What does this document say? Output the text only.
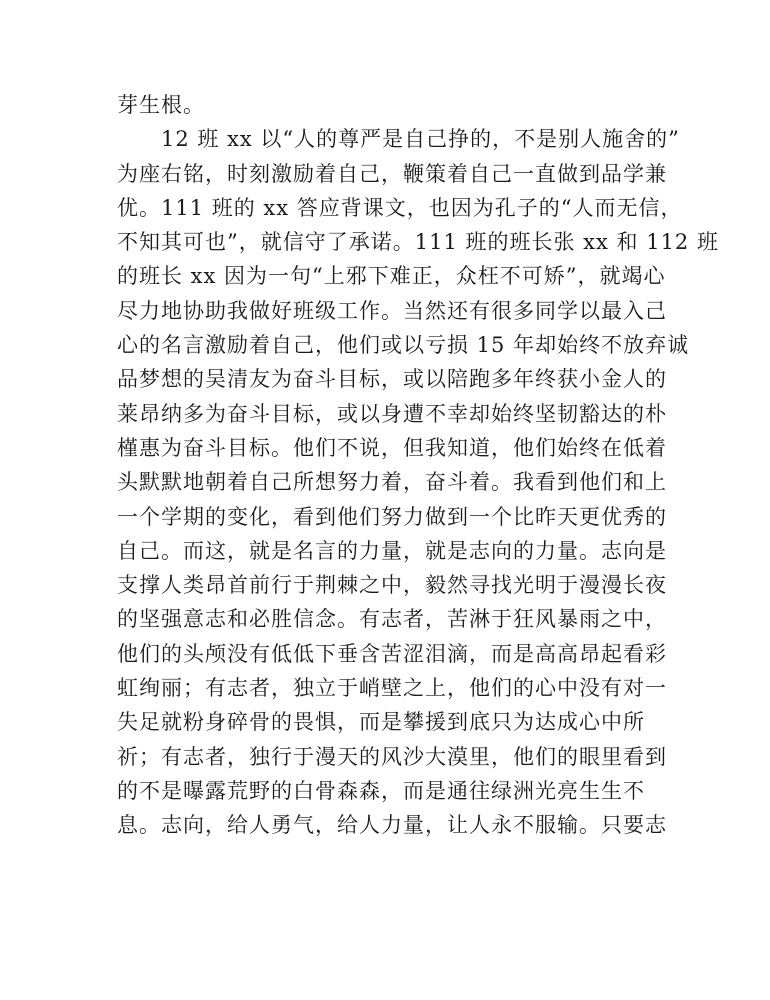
芽生根。
　　12 班 xx 以“人的尊严是自己挣的，不是别人施舍的”
为座右铭，时刻激励着自己，鞭策着自己一直做到品学兼
优。111 班的 xx 答应背课文，也因为孔子的“人而无信，
不知其可也”，就信守了承诺。111 班的班长张 xx 和 112 班
的班长 xx 因为一句“上邪下难正，众枉不可矫”，就竭心
尽力地协助我做好班级工作。当然还有很多同学以最入己
心的名言激励着自己，他们或以亏损 15 年却始终不放弃诚
品梦想的吴清友为奋斗目标，或以陪跑多年终获小金人的
莱昂纳多为奋斗目标，或以身遭不幸却始终坚韧豁达的朴
槿惠为奋斗目标。他们不说，但我知道，他们始终在低着
头默默地朝着自己所想努力着，奋斗着。我看到他们和上
一个学期的变化，看到他们努力做到一个比昨天更优秀的
自己。而这，就是名言的力量，就是志向的力量。志向是
支撑人类昂首前行于荆棘之中，毅然寻找光明于漫漫长夜
的坚强意志和必胜信念。有志者，苦淋于狂风暴雨之中，
他们的头颅没有低低下垂含苦涩泪滴，而是高高昂起看彩
虹绚丽；有志者，独立于峭壁之上，他们的心中没有对一
失足就粉身碎骨的畏惧，而是攀援到底只为达成心中所
祈；有志者，独行于漫天的风沙大漠里，他们的眼里看到
的不是曝露荒野的白骨森森，而是通往绿洲光亮生生不
息。志向，给人勇气，给人力量，让人永不服输。只要志
